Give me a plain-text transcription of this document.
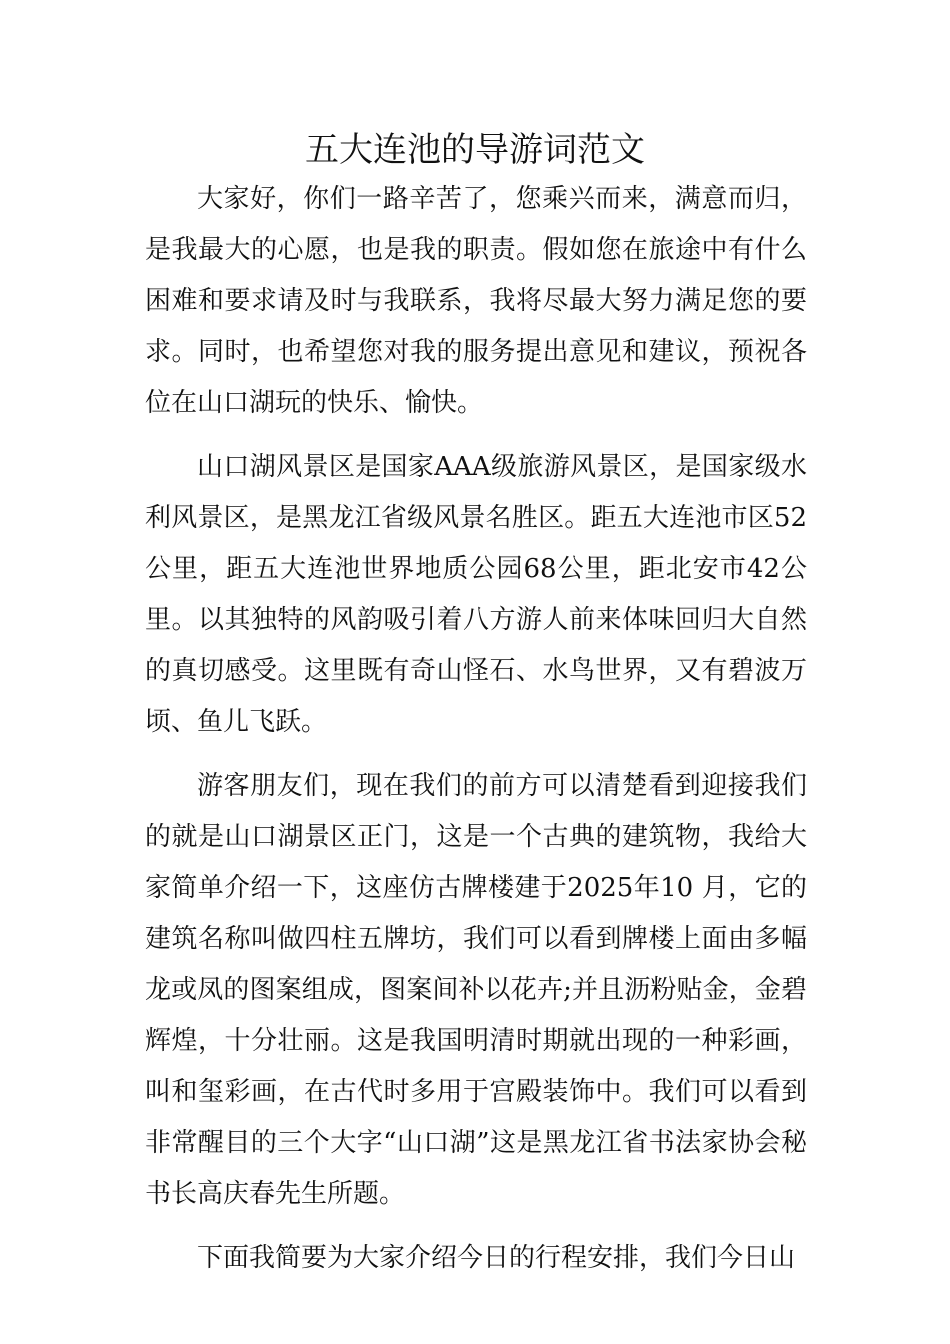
五大连池的导游词范文

大家好，你们一路辛苦了，您乘兴而来，满意而归，是我最大的心愿，也是我的职责。假如您在旅途中有什么困难和要求请及时与我联系，我将尽最大努力满足您的要求。同时，也希望您对我的服务提出意见和建议，预祝各位在山口湖玩的快乐、愉快。

山口湖风景区是国家AAA级旅游风景区，是国家级水利风景区，是黑龙江省级风景名胜区。距五大连池市区52公里，距五大连池世界地质公园68公里，距北安市42公里。以其独特的风韵吸引着八方游人前来体味回归大自然的真切感受。这里既有奇山怪石、水鸟世界，又有碧波万顷、鱼儿飞跃。

游客朋友们，现在我们的前方可以清楚看到迎接我们的就是山口湖景区正门，这是一个古典的建筑物，我给大家简单介绍一下，这座仿古牌楼建于2025年10 月，它的建筑名称叫做四柱五牌坊，我们可以看到牌楼上面由多幅龙或凤的图案组成，图案间补以花卉;并且沥粉贴金，金碧辉煌，十分壮丽。这是我国明清时期就出现的一种彩画，叫和玺彩画，在古代时多用于宫殿装饰中。我们可以看到非常醒目的三个大字“山口湖”这是黑龙江省书法家协会秘书长高庆春先生所题。

下面我简要为大家介绍今日的行程安排，我们今日山
